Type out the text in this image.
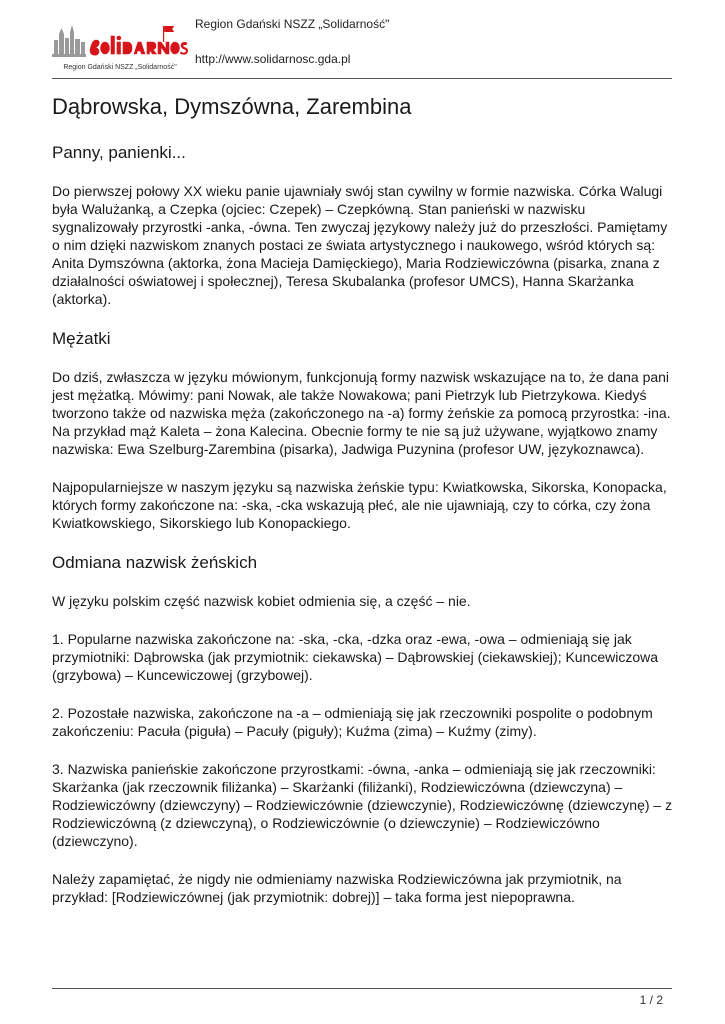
Region Gdański NSZZ „Solidarność"
Region Gdański NSZZ „Solidarność"
http://www.solidarnosc.gda.pl
Dąbrowska, Dymszówna, Zarembina
Panny, panienki...

Do pierwszej połowy XX wieku panie ujawniały swój stan cywilny w formie nazwiska. Córka Walugi była Walużanką, a Czepka (ojciec: Czepek) – Czepkówną. Stan panieński w nazwisku sygnalizowały przyrostki -anka, -ówna. Ten zwyczaj językowy należy już do przeszłości. Pamiętamy o nim dzięki nazwiskom znanych postaci ze świata artystycznego i naukowego, wśród których są: Anita Dymszówna (aktorka, żona Macieja Damięckiego), Maria Rodziewiczówna (pisarka, znana z działalności oświatowej i społecznej), Teresa Skubalanka (profesor UMCS), Hanna Skarżanka (aktorka).

Mężatki

Do dziś, zwłaszcza w języku mówionym, funkcjonują formy nazwisk wskazujące na to, że dana pani jest mężatką. Mówimy: pani Nowak, ale także Nowakowa; pani Pietrzyk lub Pietrzykowa. Kiedyś tworzono także od nazwiska męża (zakończonego na -a) formy żeńskie za pomocą przyrostka: -ina. Na przykład mąż Kaleta – żona Kalecina. Obecnie formy te nie są już używane, wyjątkowo znamy nazwiska: Ewa Szelburg-Zarembina (pisarka), Jadwiga Puzynina (profesor UW, językoznawca).

Najpopularniejsze w naszym języku są nazwiska żeńskie typu: Kwiatkowska, Sikorska, Konopacka, których formy zakończone na: -ska, -cka wskazują płeć, ale nie ujawniają, czy to córka, czy żona Kwiatkowskiego, Sikorskiego lub Konopackiego.

Odmiana nazwisk żeńskich

W języku polskim część nazwisk kobiet odmienia się, a część – nie.

1. Popularne nazwiska zakończone na: -ska, -cka, -dzka oraz -ewa, -owa – odmieniają się jak przymiotniki: Dąbrowska (jak przymiotnik: ciekawska) – Dąbrowskiej (ciekawskiej); Kuncewiczowa (grzybowa) – Kuncewiczowej (grzybowej).

2. Pozostałe nazwiska, zakończone na -a – odmieniają się jak rzeczowniki pospolite o podobnym zakończeniu: Pacuła (piguła) – Pacuły (piguły); Kuźma (zima) – Kuźmy (zimy).

3. Nazwiska panieńskie zakończone przyrostkami: -ówna, -anka – odmieniają się jak rzeczowniki: Skarżanka (jak rzeczownik filiżanka) – Skarżanki (filiżanki), Rodziewiczówna (dziewczyna) – Rodziewiczówny (dziewczyny) – Rodziewiczównie (dziewczynie), Rodziewiczównę (dziewczynę) – z Rodziewiczówną (z dziewczyną), o Rodziewiczównie (o dziewczynie) – Rodziewiczówno (dziewczyno).

Należy zapamiętać, że nigdy nie odmieniamy nazwiska Rodziewiczówna jak przymiotnik, na przykład: [Rodziewiczównej (jak przymiotnik: dobrej)] – taka forma jest niepoprawna.

1 / 2
